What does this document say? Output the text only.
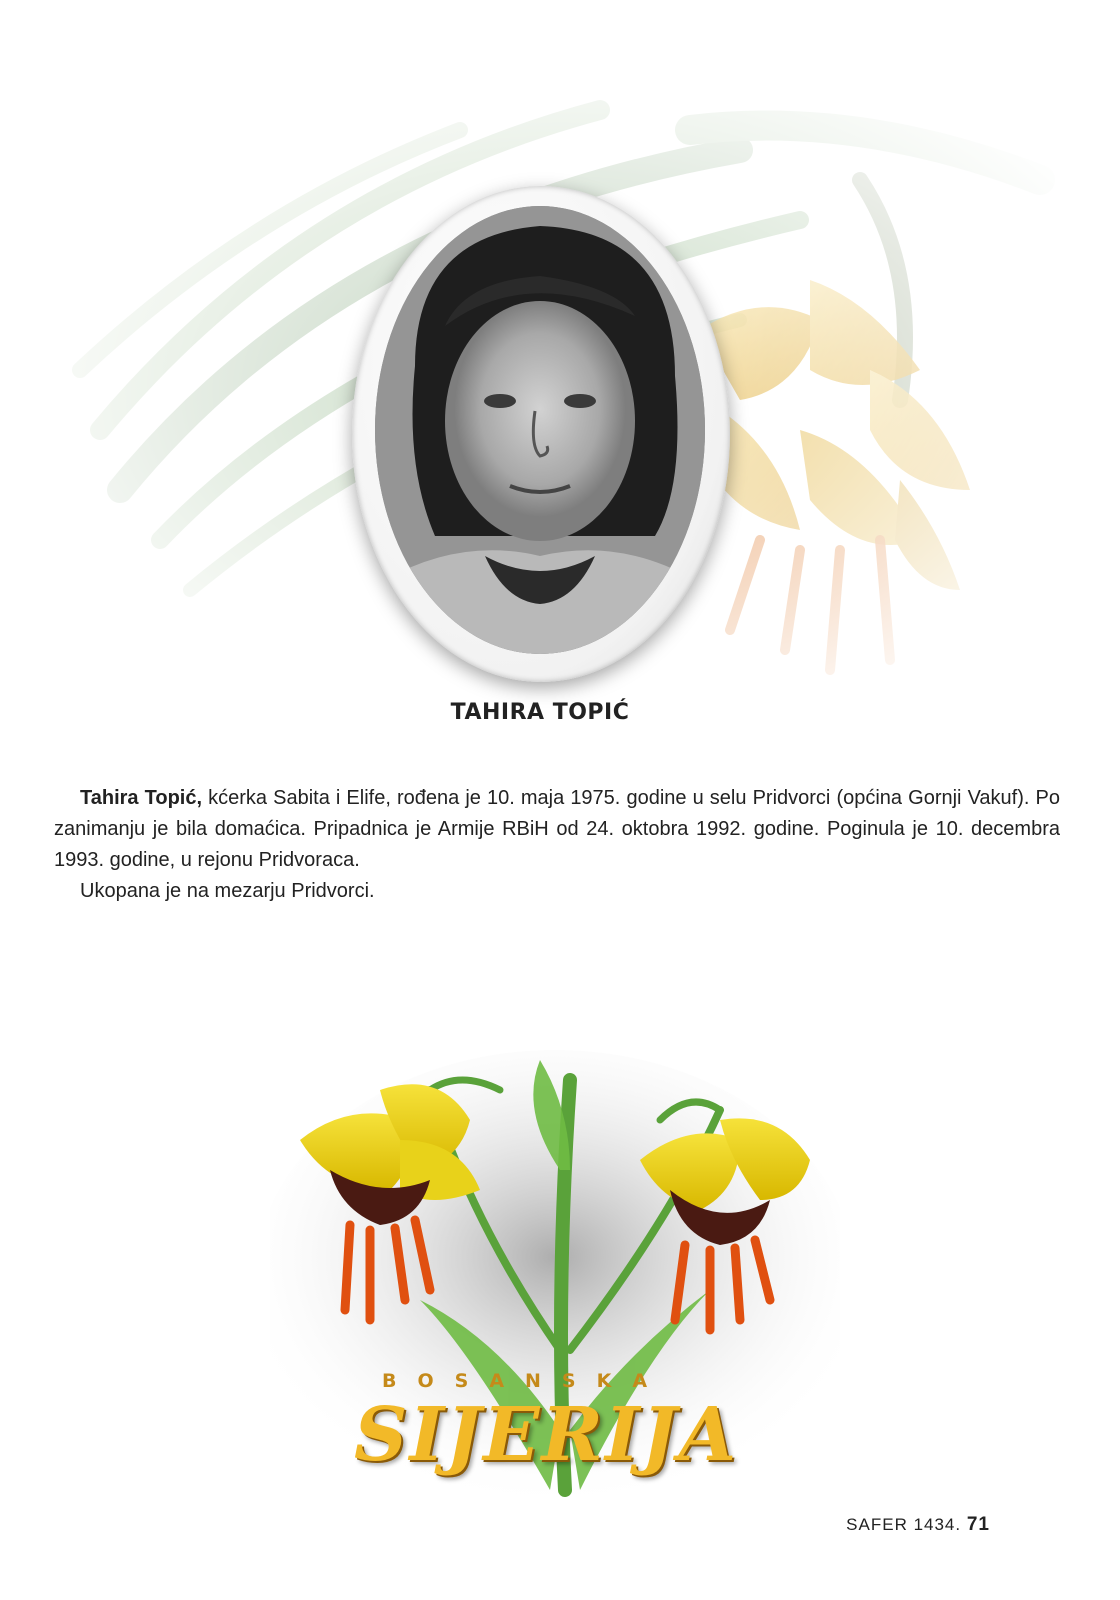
TAHIRA TOPIĆ

Tahira Topić, kćerka Sabita i Elife, rođena je 10. maja 1975. godine u selu Pridvorci (općina Gornji Vakuf). Po zanimanju je bila domaćica. Pripadnica je Armije RBiH od 24. oktobra 1992. godine. Poginula je 10. decembra 1993. godine, u rejonu Pridvoraca.

Ukopana je na mezarju Pridvorci.

BOSANSKA
SIJERIJA
SAFER 1434. 71
